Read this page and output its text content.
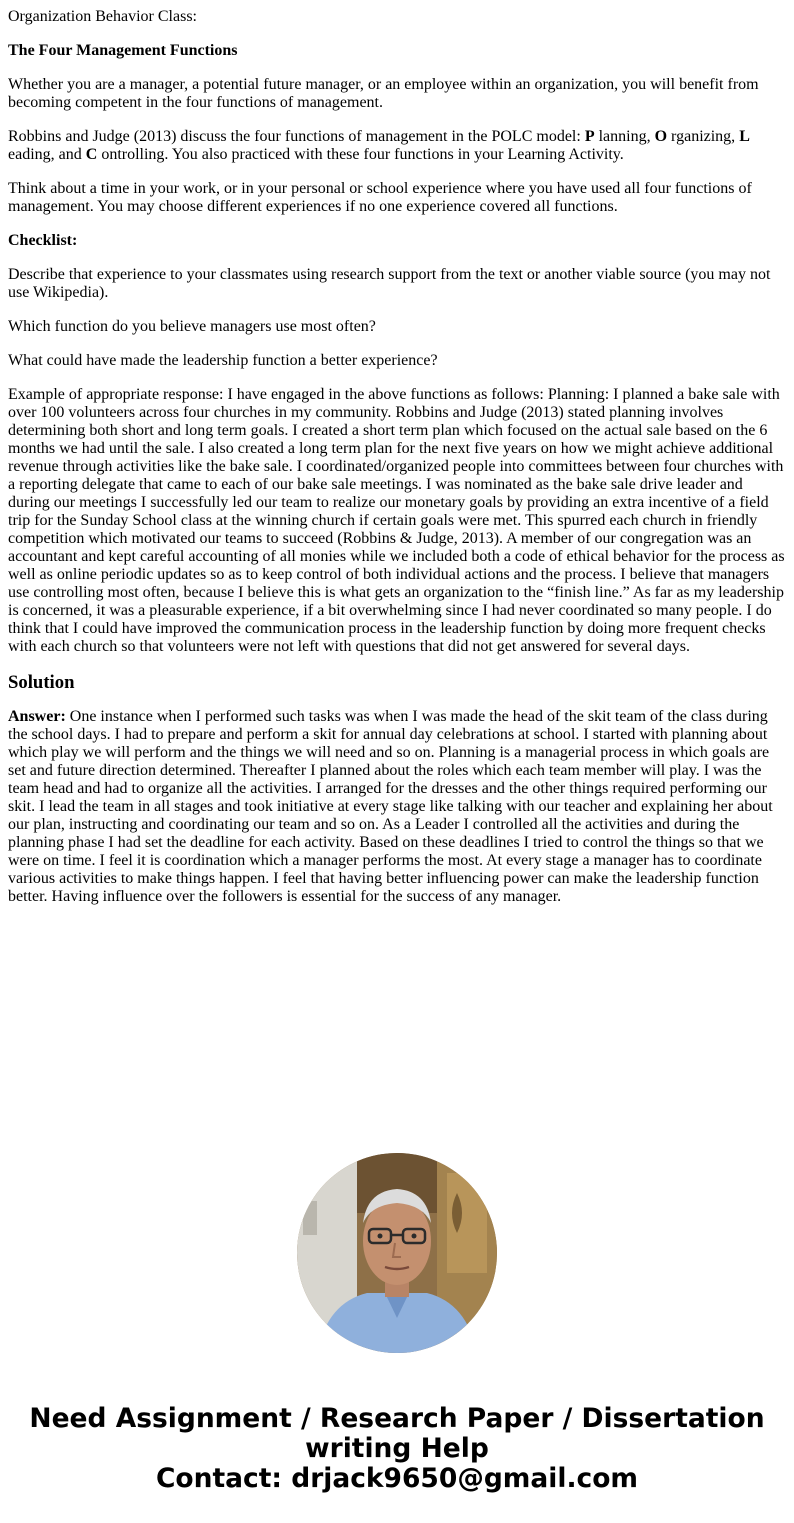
Organization Behavior Class:

The Four Management Functions

Whether you are a manager, a potential future manager, or an employee within an organization, you will benefit from becoming competent in the four functions of management.

Robbins and Judge (2013) discuss the four functions of management in the POLC model: P lanning, O rganizing, L eading, and C ontrolling. You also practiced with these four functions in your Learning Activity.

Think about a time in your work, or in your personal or school experience where you have used all four functions of management. You may choose different experiences if no one experience covered all functions.

Checklist:

Describe that experience to your classmates using research support from the text or another viable source (you may not use Wikipedia).

Which function do you believe managers use most often?

What could have made the leadership function a better experience?

Example of appropriate response: I have engaged in the above functions as follows: Planning: I planned a bake sale with over 100 volunteers across four churches in my community. Robbins and Judge (2013) stated planning involves determining both short and long term goals. I created a short term plan which focused on the actual sale based on the 6 months we had until the sale. I also created a long term plan for the next five years on how we might achieve additional revenue through activities like the bake sale. I coordinated/organized people into committees between four churches with a reporting delegate that came to each of our bake sale meetings. I was nominated as the bake sale drive leader and during our meetings I successfully led our team to realize our monetary goals by providing an extra incentive of a field trip for the Sunday School class at the winning church if certain goals were met. This spurred each church in friendly competition which motivated our teams to succeed (Robbins & Judge, 2013). A member of our congregation was an accountant and kept careful accounting of all monies while we included both a code of ethical behavior for the process as well as online periodic updates so as to keep control of both individual actions and the process. I believe that managers use controlling most often, because I believe this is what gets an organization to the “finish line.” As far as my leadership is concerned, it was a pleasurable experience, if a bit overwhelming since I had never coordinated so many people. I do think that I could have improved the communication process in the leadership function by doing more frequent checks with each church so that volunteers were not left with questions that did not get answered for several days.

Solution

Answer: One instance when I performed such tasks was when I was made the head of the skit team of the class during the school days. I had to prepare and perform a skit for annual day celebrations at school. I started with planning about which play we will perform and the things we will need and so on. Planning is a managerial process in which goals are set and future direction determined. Thereafter I planned about the roles which each team member will play. I was the team head and had to organize all the activities. I arranged for the dresses and the other things required performing our skit. I lead the team in all stages and took initiative at every stage like talking with our teacher and explaining her about our plan, instructing and coordinating our team and so on. As a Leader I controlled all the activities and during the planning phase I had set the deadline for each activity. Based on these deadlines I tried to control the things so that we were on time. I feel it is coordination which a manager performs the most. At every stage a manager has to coordinate various activities to make things happen. I feel that having better influencing power can make the leadership function better. Having influence over the followers is essential for the success of any manager.

Need Assignment / Research Paper / Dissertation
writing Help
Contact: drjack9650@gmail.com
